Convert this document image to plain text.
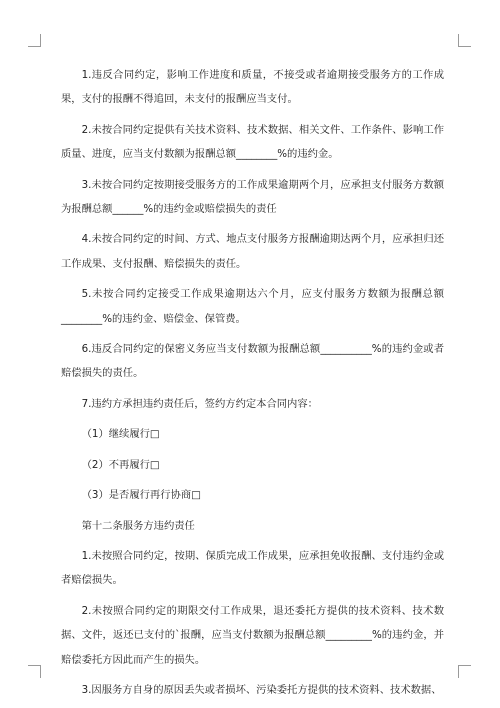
1.违反合同约定，影响工作进度和质量，不接受或者逾期接受服务方的工作成果，支付的报酬不得追回，未支付的报酬应当支付。

2.未按合同约定提供有关技术资料、技术数据、相关文件、工作条件、影响工作质量、进度，应当支付数额为报酬总额________%的违约金。

3.未按合同约定按期接受服务方的工作成果逾期两个月，应承担支付服务方数额为报酬总额______%的违约金或赔偿损失的责任

4.未按合同约定的时间、方式、地点支付服务方报酬逾期达两个月，应承担归还工作成果、支付报酬、赔偿损失的责任。

5.未按合同约定接受工作成果逾期达六个月，应支付服务方数额为报酬总额________%的违约金、赔偿金、保管费。

6.违反合同约定的保密义务应当支付数额为报酬总额__________%的违约金或者赔偿损失的责任。

7.违约方承担违约责任后，签约方约定本合同内容：

（1）继续履行□

（2）不再履行□

（3）是否履行再行协商□

第十二条服务方违约责任

1.未按照合同约定，按期、保质完成工作成果，应承担免收报酬、支付违约金或者赔偿损失。

2.未按照合同约定的期限交付工作成果，退还委托方提供的技术资料、技术数据、文件，返还已支付的`报酬，应当支付数额为报酬总额_________%的违约金，并赔偿委托方因此而产生的损失。

3.因服务方自身的原因丢失或者损坏、污染委托方提供的技术资料、技术数据、
